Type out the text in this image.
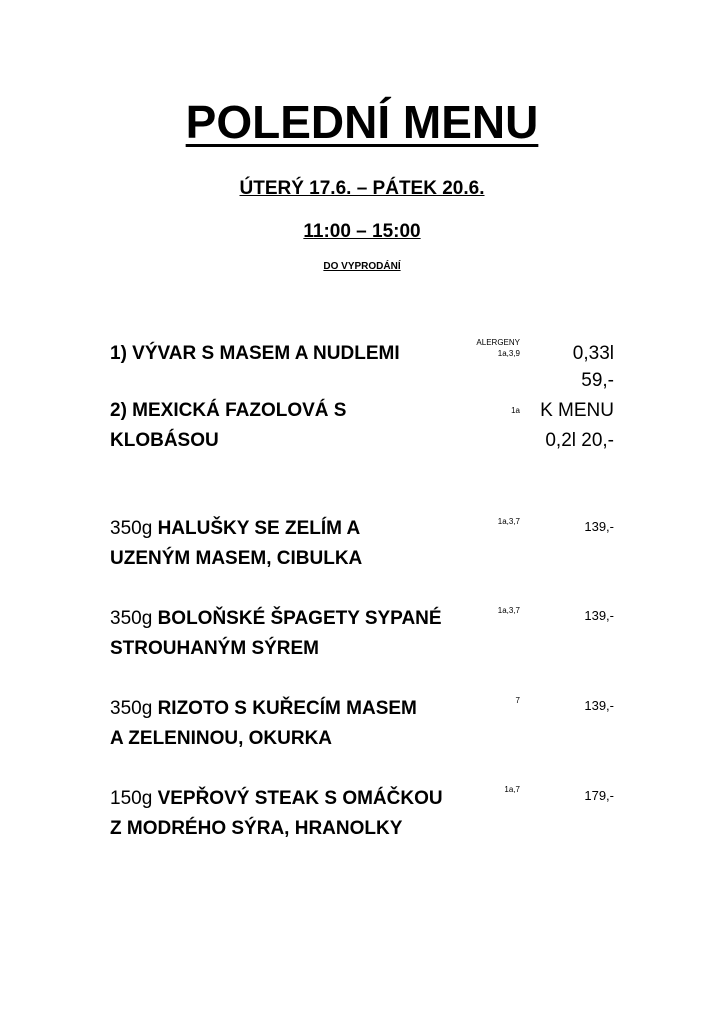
POLEDNÍ MENU
ÚTERÝ 17.6. – PÁTEK 20.6.
11:00 – 15:00
DO VYPRODÁNÍ
1) VÝVAR S MASEM A NUDLEMI
ALERGENY
1a,3,9	0,33l
59,-
2) MEXICKÁ FAZOLOVÁ S
KLOBÁSOU
1a	K MENU
0,2l 20,-
350g HALUŠKY SE ZELÍM A
UZENÝM MASEM, CIBULKA
1a,3,7	139,-
350g BOLOŇSKÉ ŠPAGETY SYPANÉ
STROUHANÝM SÝREM
1a,3,7	139,-
350g RIZOTO S KUŘECÍM MASEM
A ZELENINOU, OKURKA
7	139,-
150g VEPŘOVÝ STEAK S OMÁČKOU
Z MODRÉHO SÝRA, HRANOLKY
1a,7	179,-
